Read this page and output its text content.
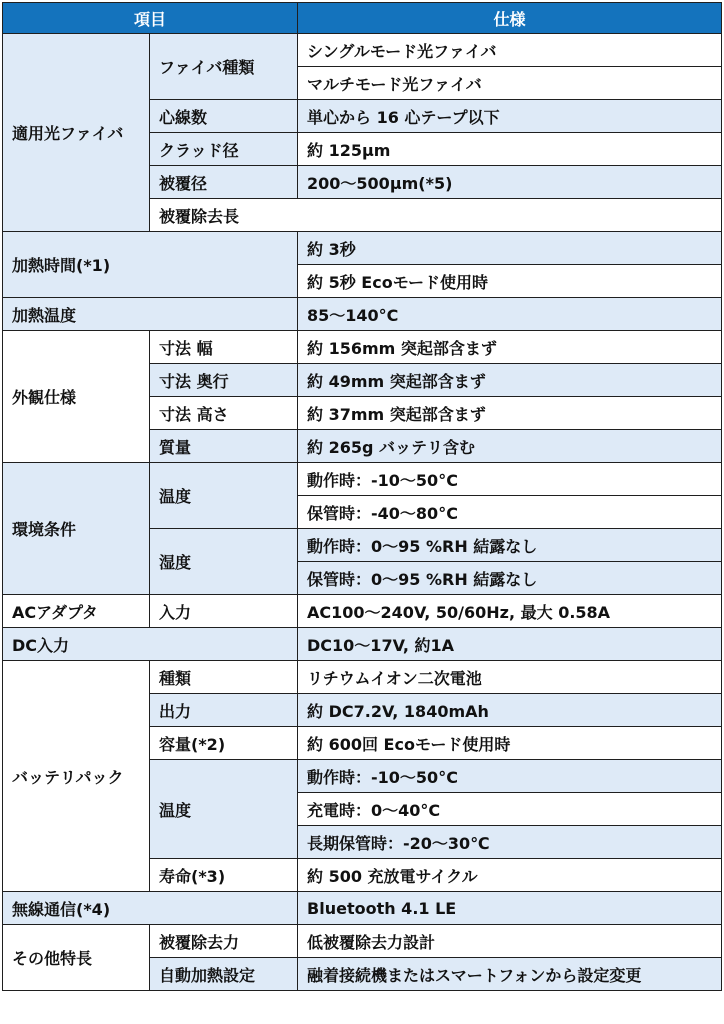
項目		仕様	
適用光ファイバ	ファイバ種類	シングルモード光ファイバ	
		マルチモード光ファイバ	
	心線数	単心から 16 心テープ以下	
	クラッド径	約 125μm	
	被覆径	200～500μm(*5)	
	被覆除去長	
加熱時間(*1)		約 3秒	
		約 5秒 Ecoモード使用時	
加熱温度		85～140°C	
外観仕様	寸法 幅	約 156mm 突起部含まず	
	寸法 奥行	約 49mm 突起部含まず	
	寸法 高さ	約 37mm 突起部含まず	
	質量	約 265g バッテリ含む	
環境条件	温度	動作時：-10～50°C	
		保管時：-40～80°C	
	湿度	動作時：0～95 %RH 結露なし	
		保管時：0～95 %RH 結露なし	
ACアダプタ	入力	AC100～240V, 50/60Hz, 最大 0.58A	
DC入力		DC10～17V, 約1A	
バッテリパック	種類	リチウムイオン二次電池	
	出力	約 DC7.2V, 1840mAh	
	容量(*2)	約 600回 Ecoモード使用時	
	温度	動作時：-10～50°C	
		充電時：0～40°C	
		長期保管時：-20～30℃	
	寿命(*3)	約 500 充放電サイクル	
無線通信(*4)		Bluetooth 4.1 LE	
その他特長	被覆除去力	低被覆除去力設計	
	自動加熱設定	融着接続機またはスマートフォンから設定変更	
